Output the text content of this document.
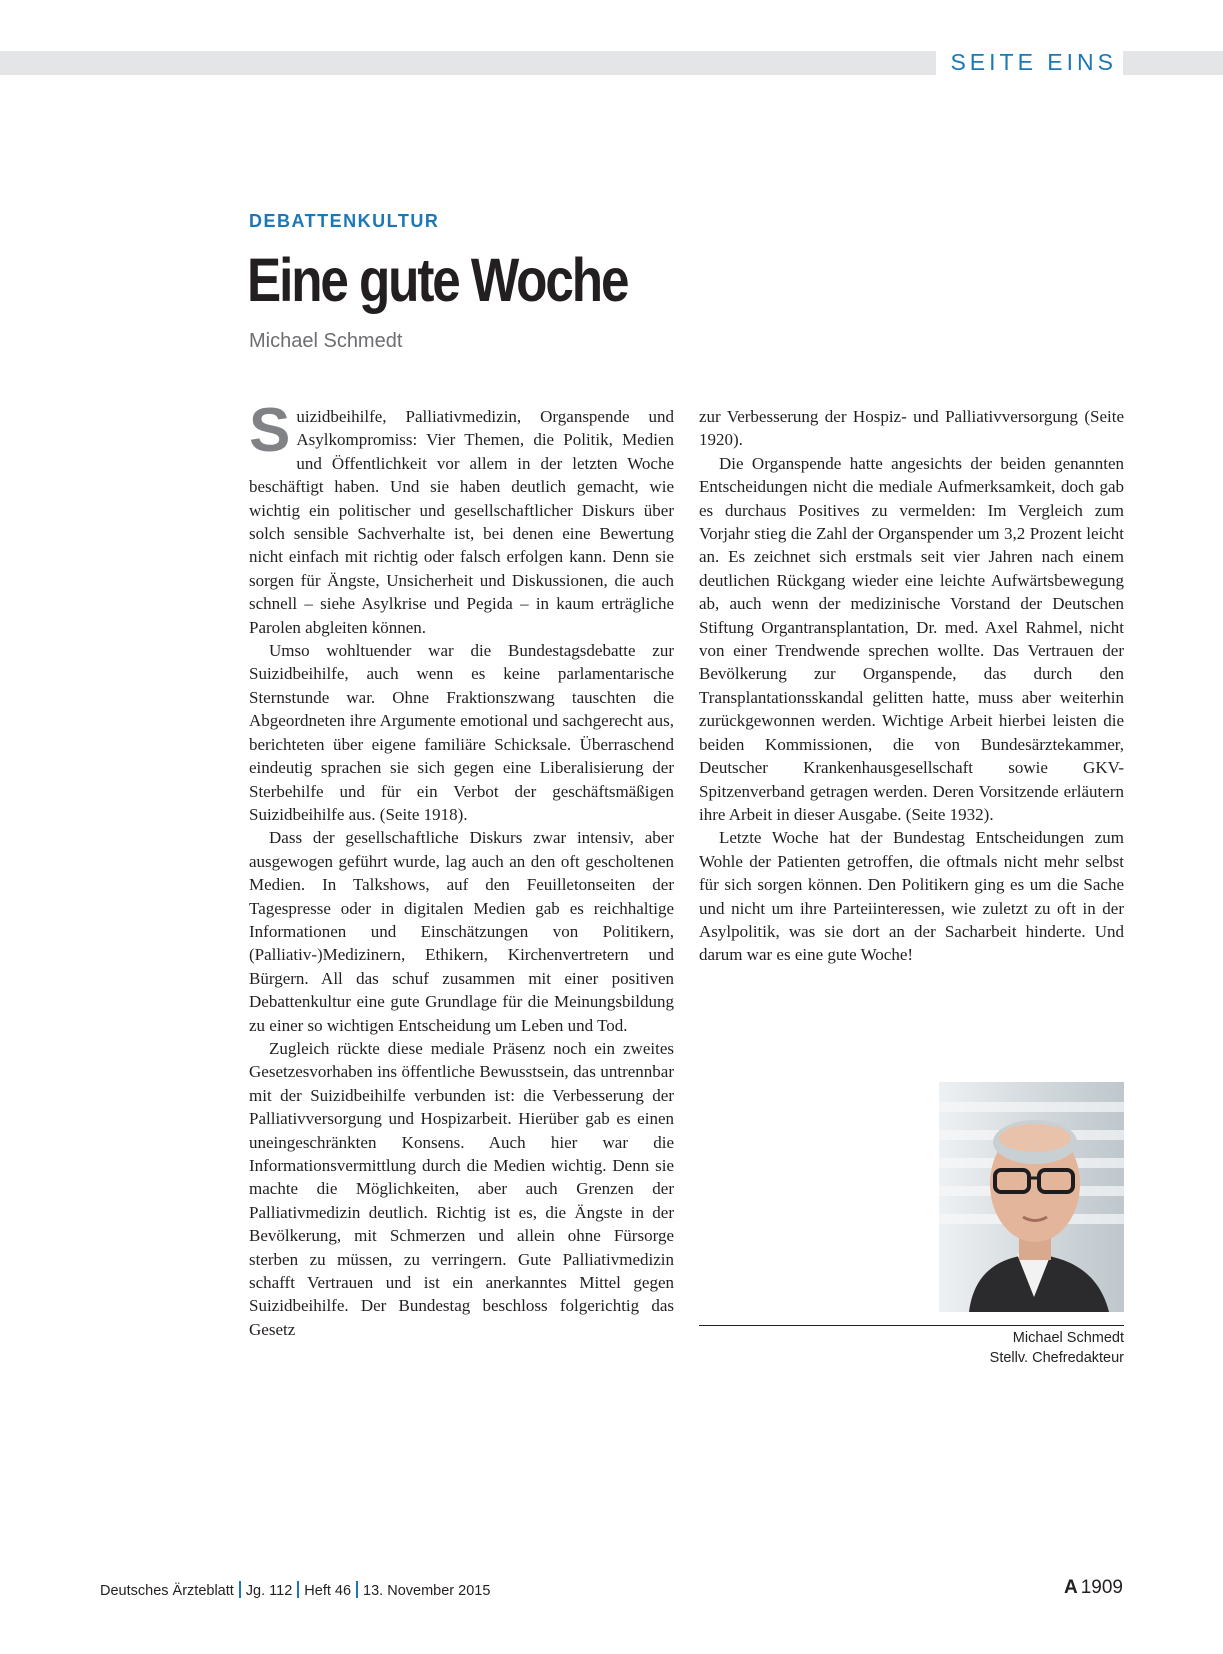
SEITE EINS
DEBATTENKULTUR
Eine gute Woche
Michael Schmedt

Suizidbeihilfe, Palliativmedizin, Organspende und Asylkompromiss: Vier Themen, die Politik, Medien und Öffentlichkeit vor allem in der letzten Woche beschäftigt haben. Und sie haben deutlich gemacht, wie wichtig ein politischer und gesellschaftlicher Diskurs über solch sensible Sachverhalte ist, bei denen eine Bewertung nicht einfach mit richtig oder falsch erfolgen kann. Denn sie sorgen für Ängste, Unsicherheit und Diskussionen, die auch schnell – siehe Asylkrise und Pegida – in kaum erträgliche Parolen abgleiten können.

Umso wohltuender war die Bundestagsdebatte zur Suizidbeihilfe, auch wenn es keine parlamentarische Sternstunde war. Ohne Fraktionszwang tauschten die Abgeordneten ihre Argumente emotional und sachgerecht aus, berichteten über eigene familiäre Schicksale. Überraschend eindeutig sprachen sie sich gegen eine Liberalisierung der Sterbehilfe und für ein Verbot der geschäftsmäßigen Suizidbeihilfe aus. (Seite 1918).

Dass der gesellschaftliche Diskurs zwar intensiv, aber ausgewogen geführt wurde, lag auch an den oft gescholtenen Medien. In Talkshows, auf den Feuilletonseiten der Tagespresse oder in digitalen Medien gab es reichhaltige Informationen und Einschätzungen von Politikern, (Palliativ-)Medizinern, Ethikern, Kirchenvertretern und Bürgern. All das schuf zusammen mit einer positiven Debattenkultur eine gute Grundlage für die Meinungsbildung zu einer so wichtigen Entscheidung um Leben und Tod.

Zugleich rückte diese mediale Präsenz noch ein zweites Gesetzesvorhaben ins öffentliche Bewusstsein, das untrennbar mit der Suizidbeihilfe verbunden ist: die Verbesserung der Palliativversorgung und Hospizarbeit. Hierüber gab es einen uneingeschränkten Konsens. Auch hier war die Informationsvermittlung durch die Medien wichtig. Denn sie machte die Möglichkeiten, aber auch Grenzen der Palliativmedizin deutlich. Richtig ist es, die Ängste in der Bevölkerung, mit Schmerzen und allein ohne Fürsorge sterben zu müssen, zu verringern. Gute Palliativmedizin schafft Vertrauen und ist ein anerkanntes Mittel gegen Suizidbeihilfe. Der Bundestag beschloss folgerichtig das Gesetz

zur Verbesserung der Hospiz- und Palliativversorgung (Seite 1920).

Die Organspende hatte angesichts der beiden genannten Entscheidungen nicht die mediale Aufmerksamkeit, doch gab es durchaus Positives zu vermelden: Im Vergleich zum Vorjahr stieg die Zahl der Organspender um 3,2 Prozent leicht an. Es zeichnet sich erstmals seit vier Jahren nach einem deutlichen Rückgang wieder eine leichte Aufwärtsbewegung ab, auch wenn der medizinische Vorstand der Deutschen Stiftung Organtransplantation, Dr. med. Axel Rahmel, nicht von einer Trendwende sprechen wollte. Das Vertrauen der Bevölkerung zur Organspende, das durch den Transplantationsskandal gelitten hatte, muss aber weiterhin zurückgewonnen werden. Wichtige Arbeit hierbei leisten die beiden Kommissionen, die von Bundesärztekammer, Deutscher Krankenhausgesellschaft sowie GKV-Spitzenverband getragen werden. Deren Vorsitzende erläutern ihre Arbeit in dieser Ausgabe. (Seite 1932).

Letzte Woche hat der Bundestag Entscheidungen zum Wohle der Patienten getroffen, die oftmals nicht mehr selbst für sich sorgen können. Den Politikern ging es um die Sache und nicht um ihre Parteiinteressen, wie zuletzt zu oft in der Asylpolitik, was sie dort an der Sacharbeit hinderte. Und darum war es eine gute Woche!

Michael Schmedt
Stellv. Chefredakteur
Deutsches Ärzteblatt Jg. 112 Heft 46 13. November 2015	A 1909
